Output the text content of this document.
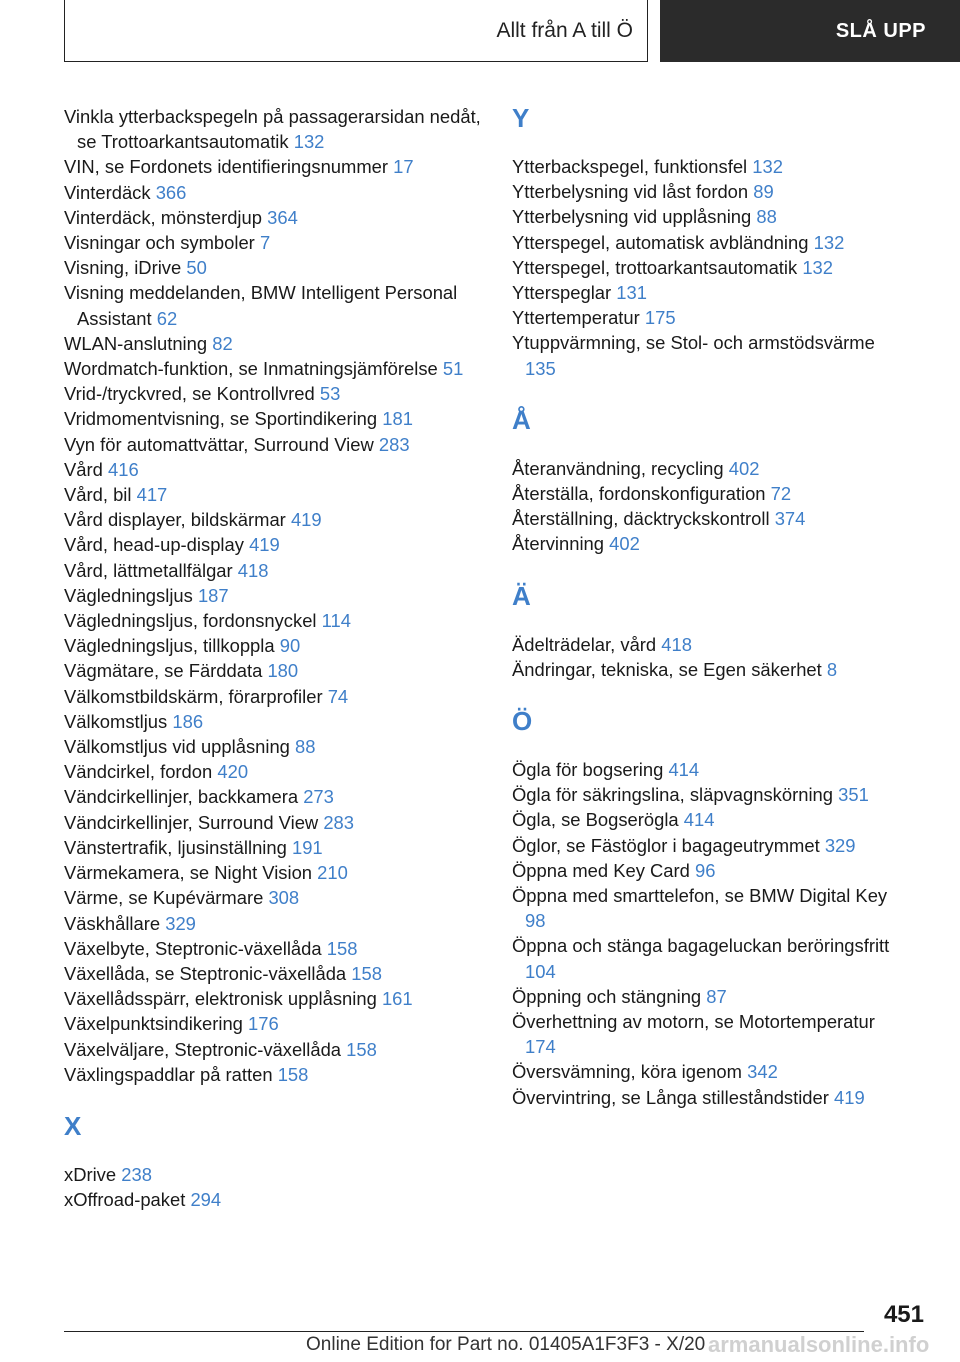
Allt från A till Ö	SLÅ UPP
Vinkla ytterbackspegeln på passagerarsidan nedåt, se Trottoarkantsautomatik 132
VIN, se Fordonets identifieringsnummer 17
Vinterdäck 366
Vinterdäck, mönsterdjup 364
Visningar och symboler 7
Visning, iDrive 50
Visning meddelanden, BMW Intelligent Personal Assistant 62
WLAN-anslutning 82
Wordmatch-funktion, se Inmatningsjämförelse 51
Vrid-/tryckvred, se Kontrollvred 53
Vridmomentvisning, se Sportindikering 181
Vyn för automattvättar, Surround View 283
Vård 416
Vård, bil 417
Vård displayer, bildskärmar 419
Vård, head-up-display 419
Vård, lättmetallfälgar 418
Vägledningsljus 187
Vägledningsljus, fordonsnyckel 114
Vägledningsljus, tillkoppla 90
Vägmätare, se Färddata 180
Välkomstbildskärm, förarprofiler 74
Välkomstljus 186
Välkomstljus vid upplåsning 88
Vändcirkel, fordon 420
Vändcirkellinjer, backkamera 273
Vändcirkellinjer, Surround View 283
Vänstertrafik, ljusinställning 191
Värmekamera, se Night Vision 210
Värme, se Kupévärmare 308
Väskhållare 329
Växelbyte, Steptronic-växellåda 158
Växellåda, se Steptronic-växellåda 158
Växellådsspärr, elektronisk upplåsning 161
Växelpunktsindikering 176
Växelväljare, Steptronic-växellåda 158
Växlingspaddlar på ratten 158
X
xDrive 238
xOffroad-paket 294
Y
Ytterbackspegel, funktionsfel 132
Ytterbelysning vid låst fordon 89
Ytterbelysning vid upplåsning 88
Ytterspegel, automatisk avbländning 132
Ytterspegel, trottoarkantsautomatik 132
Ytterspeglar 131
Yttertemperatur 175
Ytuppvärmning, se Stol- och armstödsvärme 135
Å
Återanvändning, recycling 402
Återställa, fordonskonfiguration 72
Återställning, däcktryckskontroll 374
Återvinning 402
Ä
Ädelträdelar, vård 418
Ändringar, tekniska, se Egen säkerhet 8
Ö
Ögla för bogsering 414
Ögla för säkringslina, släpvagnskörning 351
Ögla, se Bogserögla 414
Öglor, se Fästöglor i bagageutrymmet 329
Öppna med Key Card 96
Öppna med smarttelefon, se BMW Digital Key 98
Öppna och stänga bagageluckan beröringsfritt 104
Öppning och stängning 87
Överhettning av motorn, se Motortemperatur 174
Översvämning, köra igenom 342
Övervintring, se Långa stilleståndstider 419
451
Online Edition for Part no. 01405A1F3F3 - X/20 armanualsonline.info
